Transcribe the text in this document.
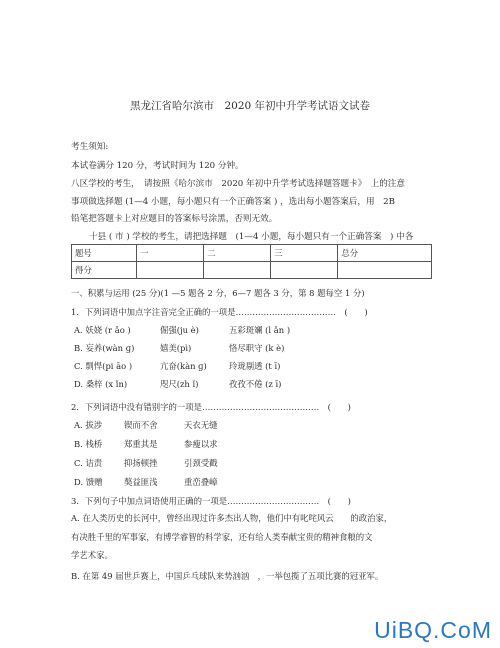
黑龙江省哈尔滨市　2020 年初中升学考试语文试卷
考生须知:
本试卷满分 120 分，考试时间为 120 分钟。
八区学校的考生，　请按照《哈尔滨市　2020 年初中升学考试选择题答题卡》　上的注意
事项做选择题 (1—4 小题，每小题只有一个正确答案 ) ，选出每小题答案后，用　2B
铅笔把答题卡上对应题目的答案标号涂黑，否则无效。
十县 ( 市 ) 学校的考生，请把选择题　(1—4 小题，每小题只有一个正确答案　) 中各
题号	一	二	三	总分
得分				
一、积累与运用 (25 分)(1 —5 题各 2 分，6—7 题各 3 分，第 8 题每空 1 分)
1．下列词语中加点字注音完全正确的一项是………………………………　(　　)
A. 妖娆 (r ǎo )	倔强(ju è)	五彩斑斓 (l ǎn )
B. 妄养(wàn ɡ)	嬉美(pì)	恪尽职守 (k è)
C. 剽悍(pi āo )	亢奋(kàn ɡ)	玲珑剔透 (t ī)
D. 桑梓 (x ǐn)	咫尺(zh ǐ)	孜孜不倦 (z ī)
2．下列词语中没有错别字的一项是……………………………………　(　　)
A. 拔涉	锲而不舍	天衣无缝
B. 栈桥	郑重其是	参瘦以求
C. 诘责	抑扬顿挫	引颈受戳
D. 馈赠	獒益匪浅	重峦叠嶂
3．下列句子中加点词语使用正确的一项是……………………………　(　　)
A. 在人类历史的长河中，曾经出现过许多杰出人物，他们中有叱咤风云　　的政治家，
有决胜千里的军事家，有博学睿智的科学家，还有给人类奉献宝贵的精神食粮的文
学艺术家。
B. 在第 49 届世乒赛上，中国乒乓球队来势汹汹　，一举包揽了五项比赛的冠亚军。
UiBQ.CoM
